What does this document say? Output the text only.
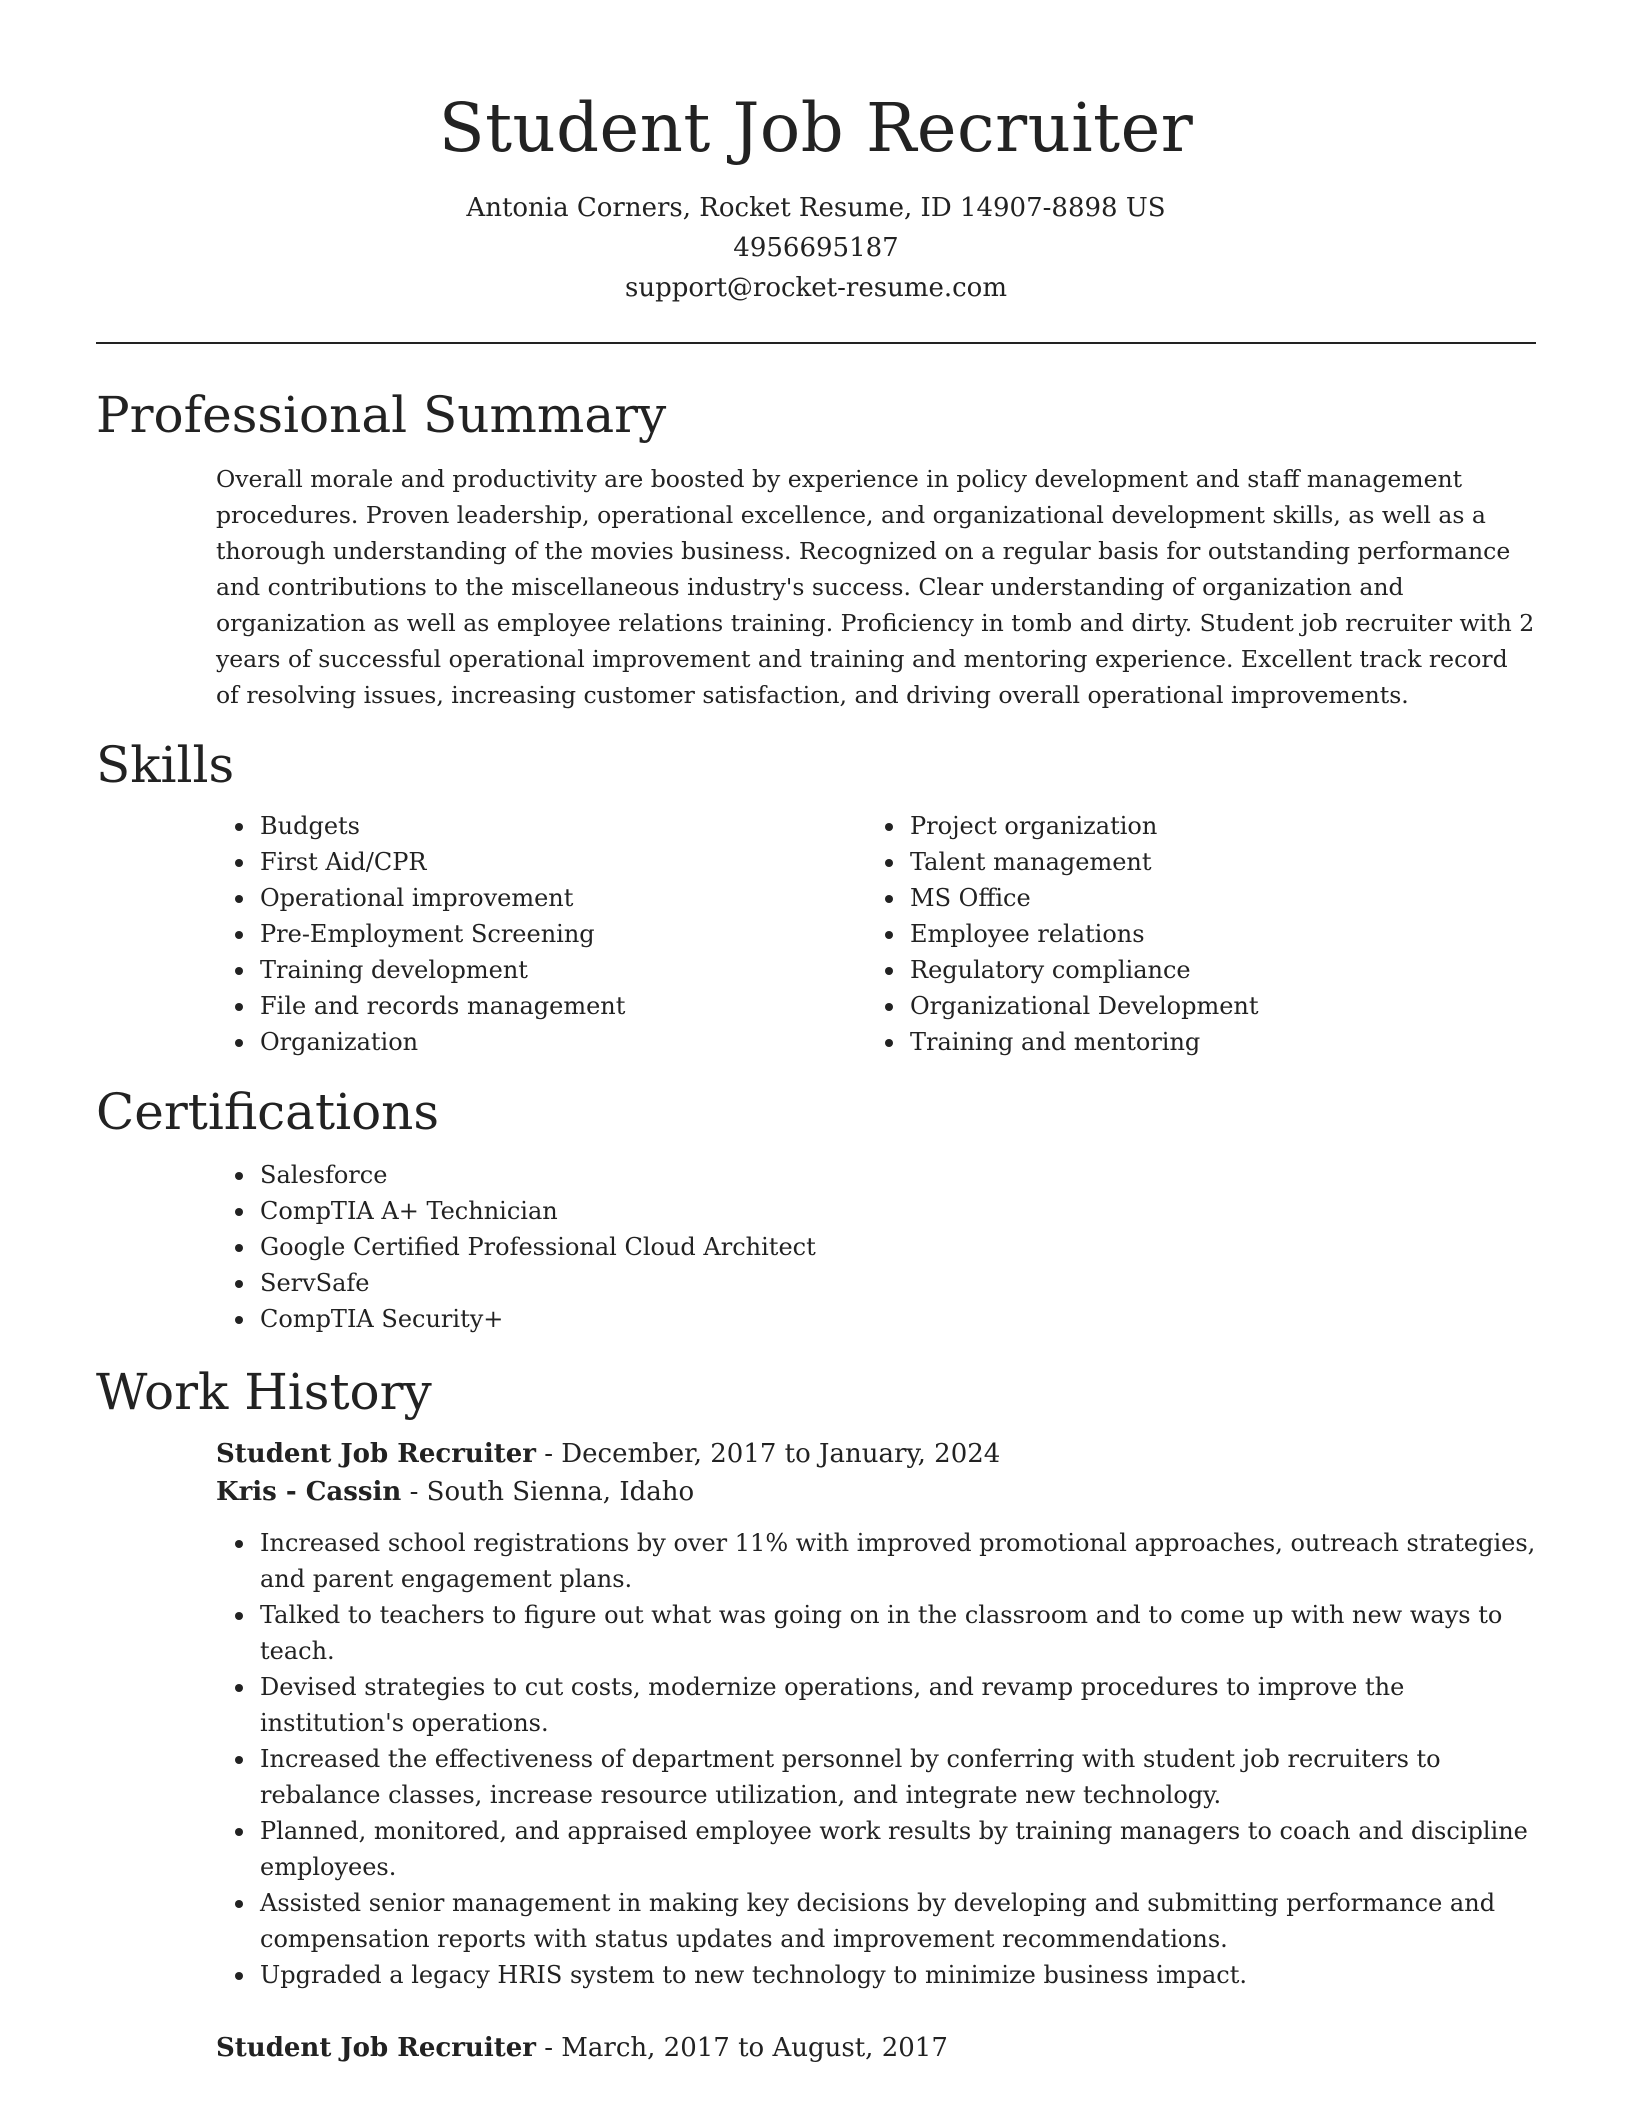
Student Job Recruiter
Antonia Corners, Rocket Resume, ID 14907-8898 US
4956695187
support@rocket-resume.com
Professional Summary
Overall morale and productivity are boosted by experience in policy development and staff management procedures. Proven leadership, operational excellence, and organizational development skills, as well as a thorough understanding of the movies business. Recognized on a regular basis for outstanding performance and contributions to the miscellaneous industry's success. Clear understanding of organization and organization as well as employee relations training. Proficiency in tomb and dirty. Student job recruiter with 2 years of successful operational improvement and training and mentoring experience. Excellent track record of resolving issues, increasing customer satisfaction, and driving overall operational improvements.
Skills
Budgets
First Aid/CPR
Operational improvement
Pre-Employment Screening
Training development
File and records management
Organization
Project organization
Talent management
MS Office
Employee relations
Regulatory compliance
Organizational Development
Training and mentoring
Certifications
Salesforce
CompTIA A+ Technician
Google Certified Professional Cloud Architect
ServSafe
CompTIA Security+
Work History
Student Job Recruiter - December, 2017 to January, 2024
Kris - Cassin - South Sienna, Idaho
Increased school registrations by over 11% with improved promotional approaches, outreach strategies, and parent engagement plans.
Talked to teachers to figure out what was going on in the classroom and to come up with new ways to teach.
Devised strategies to cut costs, modernize operations, and revamp procedures to improve the institution's operations.
Increased the effectiveness of department personnel by conferring with student job recruiters to rebalance classes, increase resource utilization, and integrate new technology.
Planned, monitored, and appraised employee work results by training managers to coach and discipline employees.
Assisted senior management in making key decisions by developing and submitting performance and compensation reports with status updates and improvement recommendations.
Upgraded a legacy HRIS system to new technology to minimize business impact.
Student Job Recruiter - March, 2017 to August, 2017
